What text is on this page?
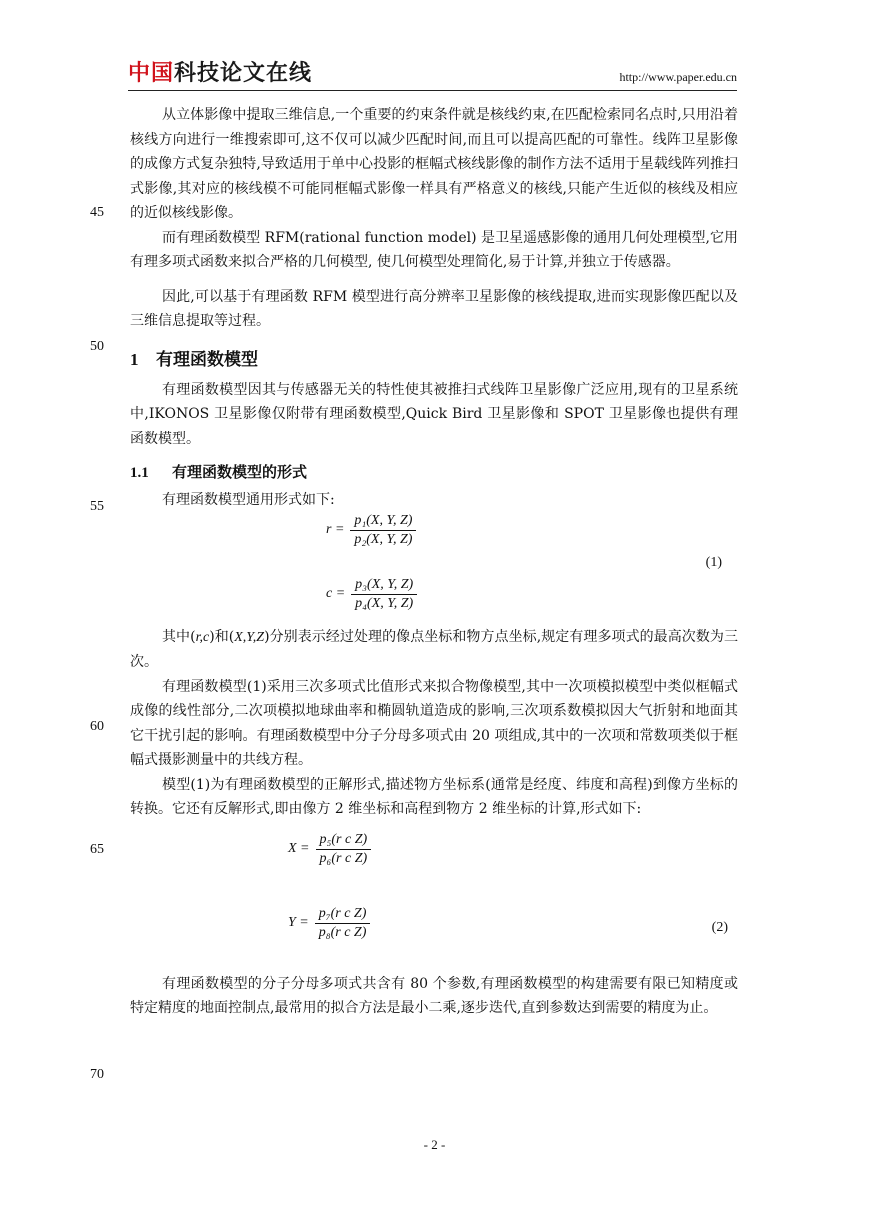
中国科技论文在线	http://www.paper.edu.cn
45
50
55
60
65
70

从立体影像中提取三维信息,一个重要的约束条件就是核线约束,在匹配检索同名点时,只用沿着核线方向进行一维搜索即可,这不仅可以减少匹配时间,而且可以提高匹配的可靠性。线阵卫星影像的成像方式复杂独特,导致适用于单中心投影的框幅式核线影像的制作方法不适用于星载线阵列推扫式影像,其对应的核线模不可能同框幅式影像一样具有严格意义的核线,只能产生近似的核线及相应的近似核线影像。

而有理函数模型 RFM(rational function model) 是卫星遥感影像的通用几何处理模型,它用有理多项式函数来拟合严格的几何模型, 使几何模型处理简化,易于计算,并独立于传感器。

因此,可以基于有理函数 RFM 模型进行高分辨率卫星影像的核线提取,进而实现影像匹配以及三维信息提取等过程。

1 有理函数模型

有理函数模型因其与传感器无关的特性使其被推扫式线阵卫星影像广泛应用,现有的卫星系统中,IKONOS 卫星影像仅附带有理函数模型,Quick Bird 卫星影像和 SPOT 卫星影像也提供有理函数模型。

1.1 有理函数模型的形式

有理函数模型通用形式如下:

$r = \frac{\text{p₁(X, Y, Z)}}{\text{p₂(X, Y, Z)}}$
(1)
$c = \frac{\text{p₃(X, Y, Z)}}{\text{p₄(X, Y, Z)}}$

其中(r,c)和(X,Y,Z)分别表示经过处理的像点坐标和物方点坐标,规定有理多项式的最高次数为三次。

有理函数模型(1)采用三次多项式比值形式来拟合物像模型,其中一次项模拟模型中类似框幅式成像的线性部分,二次项模拟地球曲率和椭圆轨道造成的影响,三次项系数模拟因大气折射和地面其它干扰引起的影响。有理函数模型中分子分母多项式由 20 项组成,其中的一次项和常数项类似于框幅式摄影测量中的共线方程。

模型(1)为有理函数模型的正解形式,描述物方坐标系(通常是经度、纬度和高程)到像方坐标的转换。它还有反解形式,即由像方 2 维坐标和高程到物方 2 维坐标的计算,形式如下:

$X = \frac{\text{p₅(r c Z)}}{\text{p₆(r c Z)}}$
$Y = \frac{\text{p₇(r c Z)}}{\text{p₈(r c Z)}}$	(2)

有理函数模型的分子分母多项式共含有 80 个参数,有理函数模型的构建需要有限已知精度或特定精度的地面控制点,最常用的拟合方法是最小二乘,逐步迭代,直到参数达到需要的精度为止。

- 2 -
